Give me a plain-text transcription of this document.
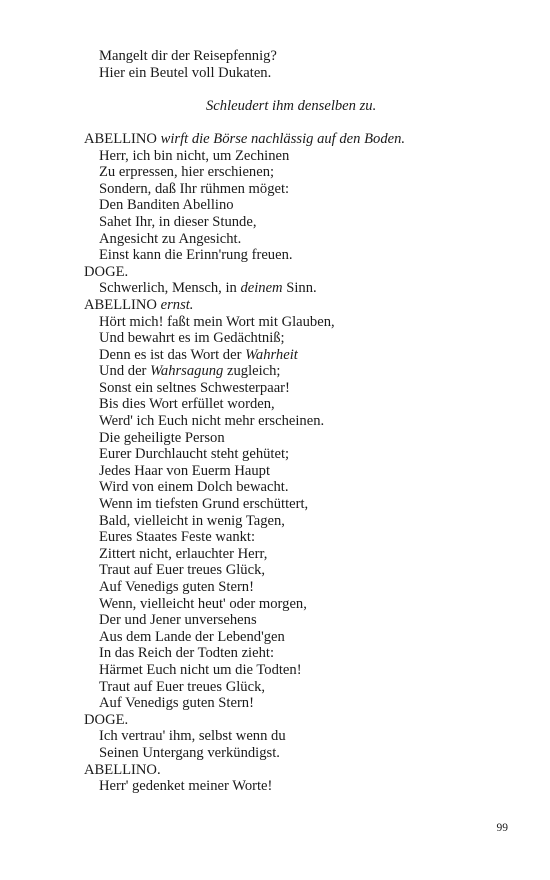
Mangelt dir der Reisepfennig?
Hier ein Beutel voll Dukaten.
Schleudert ihm denselben zu.
ABELLINO wirft die Börse nachlässig auf den Boden.
Herr, ich bin nicht, um Zechinen
Zu erpressen, hier erschienen;
Sondern, daß Ihr rühmen möget:
Den Banditen Abellino
Sahet Ihr, in dieser Stunde,
Angesicht zu Angesicht.
Einst kann die Erinn'rung freuen.
DOGE.
Schwerlich, Mensch, in deinem Sinn.
ABELLINO ernst.
Hört mich! faßt mein Wort mit Glauben,
Und bewahrt es im Gedächtniß;
Denn es ist das Wort der Wahrheit
Und der Wahrsagung zugleich;
Sonst ein seltnes Schwesterpaar!
Bis dies Wort erfüllet worden,
Werd' ich Euch nicht mehr erscheinen.
Die geheiligte Person
Eurer Durchlaucht steht gehütet;
Jedes Haar von Euerm Haupt
Wird von einem Dolch bewacht.
Wenn im tiefsten Grund erschüttert,
Bald, vielleicht in wenig Tagen,
Eures Staates Feste wankt:
Zittert nicht, erlauchter Herr,
Traut auf Euer treues Glück,
Auf Venedigs guten Stern!
Wenn, vielleicht heut' oder morgen,
Der und Jener unversehens
Aus dem Lande der Lebend'gen
In das Reich der Todten zieht:
Härmet Euch nicht um die Todten!
Traut auf Euer treues Glück,
Auf Venedigs guten Stern!
DOGE.
Ich vertrau' ihm, selbst wenn du
Seinen Untergang verkündigst.
ABELLINO.
Herr' gedenket meiner Worte!
99
